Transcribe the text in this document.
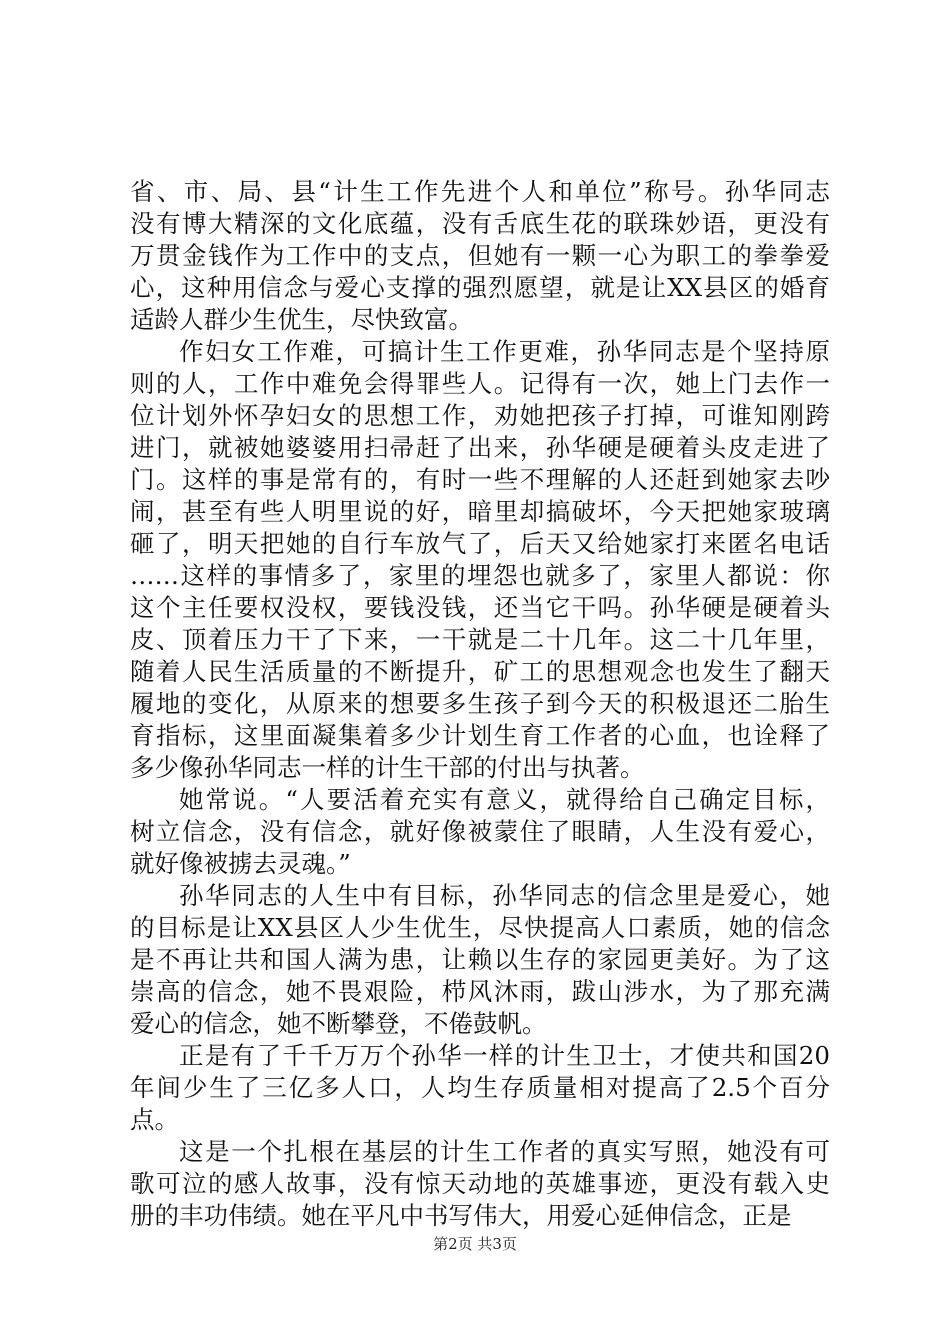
省、市、局、县“计生工作先进个人和单位”称号。孙华同志
没有博大精深的文化底蕴，没有舌底生花的联珠妙语，更没有
万贯金钱作为工作中的支点，但她有一颗一心为职工的拳拳爱
心，这种用信念与爱心支撑的强烈愿望，就是让XX县区的婚育
适龄人群少生优生，尽快致富。
作妇女工作难，可搞计生工作更难，孙华同志是个坚持原
则的人，工作中难免会得罪些人。记得有一次，她上门去作一
位计划外怀孕妇女的思想工作，劝她把孩子打掉，可谁知刚跨
进门，就被她婆婆用扫帚赶了出来，孙华硬是硬着头皮走进了
门。这样的事是常有的，有时一些不理解的人还赶到她家去吵
闹，甚至有些人明里说的好，暗里却搞破坏，今天把她家玻璃
砸了，明天把她的自行车放气了，后天又给她家打来匿名电话
……这样的事情多了，家里的埋怨也就多了，家里人都说：你
这个主任要权没权，要钱没钱，还当它干吗。孙华硬是硬着头
皮、顶着压力干了下来，一干就是二十几年。这二十几年里，
随着人民生活质量的不断提升，矿工的思想观念也发生了翻天
履地的变化，从原来的想要多生孩子到今天的积极退还二胎生
育指标，这里面凝集着多少计划生育工作者的心血，也诠释了
多少像孙华同志一样的计生干部的付出与执著。
她常说。“人要活着充实有意义，就得给自己确定目标，
树立信念，没有信念，就好像被蒙住了眼睛，人生没有爱心，
就好像被掳去灵魂。”
孙华同志的人生中有目标，孙华同志的信念里是爱心，她
的目标是让XX县区人少生优生，尽快提高人口素质，她的信念
是不再让共和国人满为患，让赖以生存的家园更美好。为了这
崇高的信念，她不畏艰险，栉风沐雨，跋山涉水，为了那充满
爱心的信念，她不断攀登，不倦鼓帆。
正是有了千千万万个孙华一样的计生卫士，才使共和国20
年间少生了三亿多人口，人均生存质量相对提高了2.5个百分
点。
这是一个扎根在基层的计生工作者的真实写照，她没有可
歌可泣的感人故事，没有惊天动地的英雄事迹，更没有载入史
册的丰功伟绩。她在平凡中书写伟大，用爱心延伸信念，正是
第2页 共3页
